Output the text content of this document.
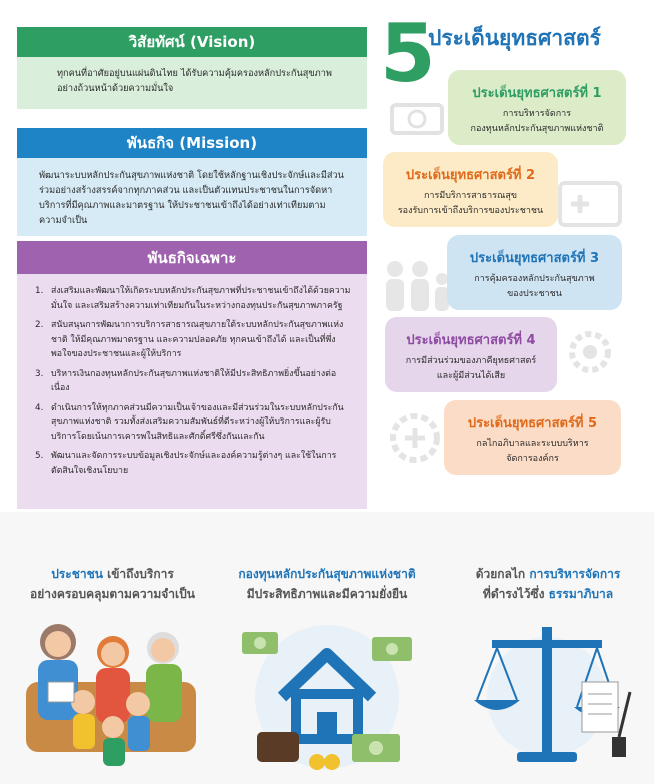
วิสัยทัศน์ (Vision)
ทุกคนที่อาศัยอยู่บนแผ่นดินไทย ได้รับความคุ้มครองหลักประกันสุขภาพอย่างถ้วนหน้าด้วยความมั่นใจ
พันธกิจ (Mission)
พัฒนาระบบหลักประกันสุขภาพแห่งชาติ โดยใช้หลักฐานเชิงประจักษ์และมีส่วนร่วมอย่างสร้างสรรค์จากทุกภาคส่วน และเป็นตัวแทนประชาชนในการจัดหาบริการที่มีคุณภาพและมาตรฐาน ให้ประชาชนเข้าถึงได้อย่างเท่าเทียมตามความจำเป็น
พันธกิจเฉพาะ
1. ส่งเสริมและพัฒนาให้เกิดระบบหลักประกันสุขภาพที่ประชาชนเข้าถึงได้ด้วยความมั่นใจ และเสริมสร้างความเท่าเทียมกันในระหว่างกองทุนประกันสุขภาพภาครัฐ
2. สนับสนุนการพัฒนาการบริการสาธารณสุขภายใต้ระบบหลักประกันสุขภาพแห่งชาติ ให้มีคุณภาพมาตรฐาน และความปลอดภัย ทุกคนเข้าถึงได้ และเป็นที่พึ่งพอใจของประชาชนและผู้ให้บริการ
3. บริหารเงินกองทุนหลักประกันสุขภาพแห่งชาติให้มีประสิทธิภาพยิ่งขึ้นอย่างต่อเนื่อง
4. ดำเนินการให้ทุกภาคส่วนมีความเป็นเจ้าของและมีส่วนร่วมในระบบหลักประกันสุขภาพแห่งชาติ รวมทั้งส่งเสริมความสัมพันธ์ที่ดีระหว่างผู้ให้บริการและผู้รับบริการโดยเน้นการเคารพในสิทธิและศักดิ์ศรีซึ่งกันและกัน
5. พัฒนาและจัดการระบบข้อมูลเชิงประจักษ์และองค์ความรู้ต่างๆ และใช้ในการตัดสินใจเชิงนโยบาย
5
ประเด็นยุทธศาสตร์
ประเด็นยุทธศาสตร์ที่ 1
การบริหารจัดการ
กองทุนหลักประกันสุขภาพแห่งชาติ
ประเด็นยุทธศาสตร์ที่ 2
การมีบริการสาธารณสุข
รองรับการเข้าถึงบริการของประชาชน
ประเด็นยุทธศาสตร์ที่ 3
การคุ้มครองหลักประกันสุขภาพ
ของประชาชน
ประเด็นยุทธศาสตร์ที่ 4
การมีส่วนร่วมของภาคียุทธศาสตร์
และผู้มีส่วนได้เสีย
ประเด็นยุทธศาสตร์ที่ 5
กลไกอภิบาลและระบบบริหาร
จัดการองค์กร
ประชาชน เข้าถึงบริการ
อย่างครอบคลุมตามความจำเป็น
กองทุนหลักประกันสุขภาพแห่งชาติ
มีประสิทธิภาพและมีความยั่งยืน
ด้วยกลไก การบริหารจัดการ
ที่ดำรงไว้ซึ่ง ธรรมาภิบาล
